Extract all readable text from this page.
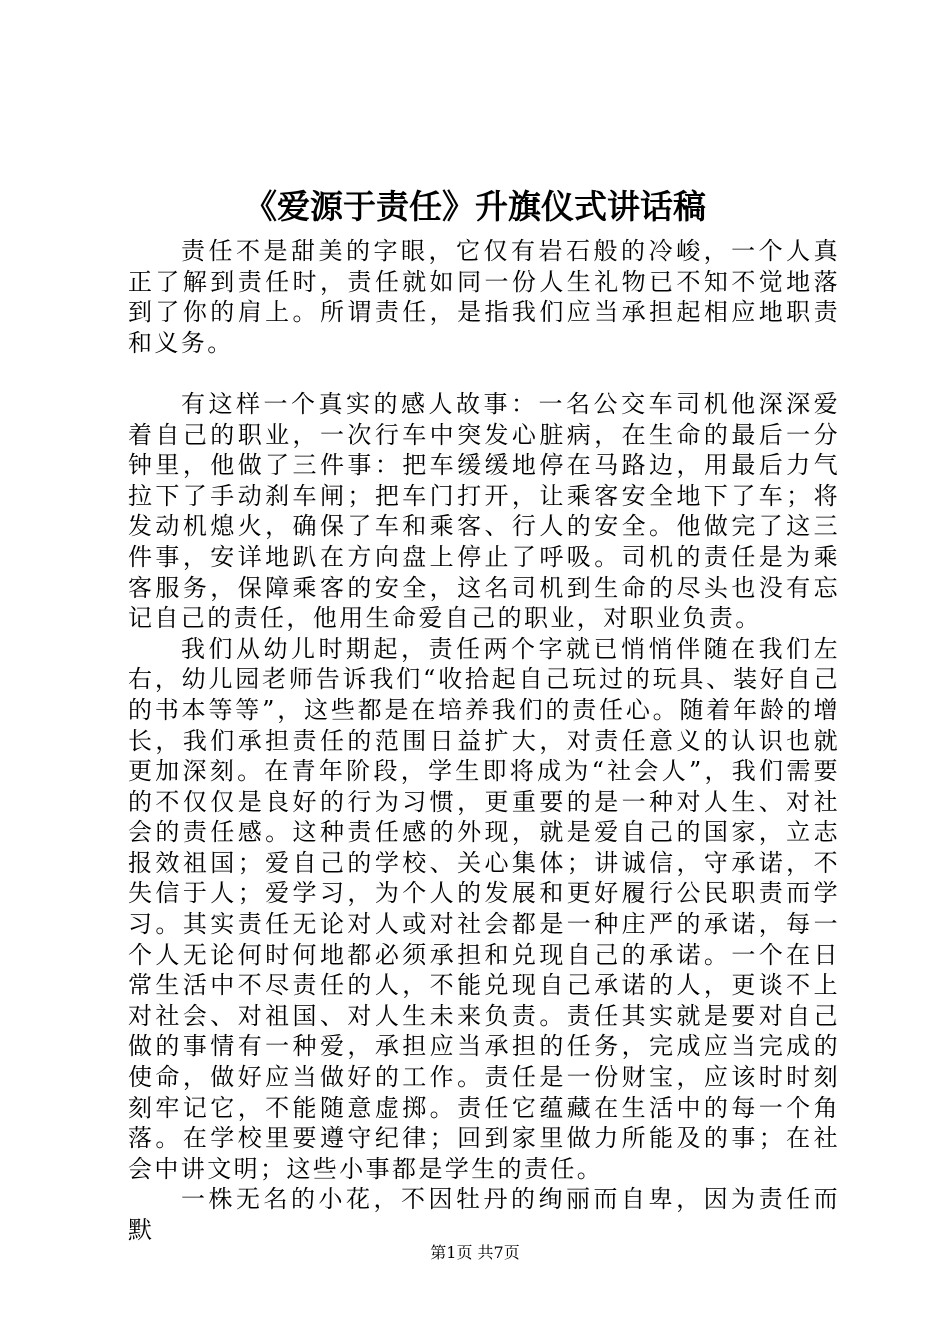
《爱源于责任》升旗仪式讲话稿

责任不是甜美的字眼，它仅有岩石般的冷峻，一个人真正了解到责任时，责任就如同一份人生礼物已不知不觉地落到了你的肩上。所谓责任，是指我们应当承担起相应地职责和义务。

有这样一个真实的感人故事：一名公交车司机他深深爱着自己的职业，一次行车中突发心脏病，在生命的最后一分钟里，他做了三件事：把车缓缓地停在马路边，用最后力气拉下了手动刹车闸；把车门打开，让乘客安全地下了车；将发动机熄火，确保了车和乘客、行人的安全。他做完了这三件事，安详地趴在方向盘上停止了呼吸。司机的责任是为乘客服务，保障乘客的安全，这名司机到生命的尽头也没有忘记自己的责任，他用生命爱自己的职业，对职业负责。

我们从幼儿时期起，责任两个字就已悄悄伴随在我们左右，幼儿园老师告诉我们“收拾起自己玩过的玩具、装好自己的书本等等”，这些都是在培养我们的责任心。随着年龄的增长，我们承担责任的范围日益扩大，对责任意义的认识也就更加深刻。在青年阶段，学生即将成为“社会人”，我们需要的不仅仅是良好的行为习惯，更重要的是一种对人生、对社会的责任感。这种责任感的外现，就是爱自己的国家，立志报效祖国；爱自己的学校、关心集体；讲诚信，守承诺，不失信于人；爱学习，为个人的发展和更好履行公民职责而学习。其实责任无论对人或对社会都是一种庄严的承诺，每一个人无论何时何地都必须承担和兑现自己的承诺。一个在日常生活中不尽责任的人，不能兑现自己承诺的人，更谈不上对社会、对祖国、对人生未来负责。责任其实就是要对自己做的事情有一种爱，承担应当承担的任务，完成应当完成的使命，做好应当做好的工作。责任是一份财宝，应该时时刻刻牢记它，不能随意虚掷。责任它蕴藏在生活中的每一个角落。在学校里要遵守纪律；回到家里做力所能及的事；在社会中讲文明；这些小事都是学生的责任。

一株无名的小花，不因牡丹的绚丽而自卑，因为责任而默

第1页 共7页
